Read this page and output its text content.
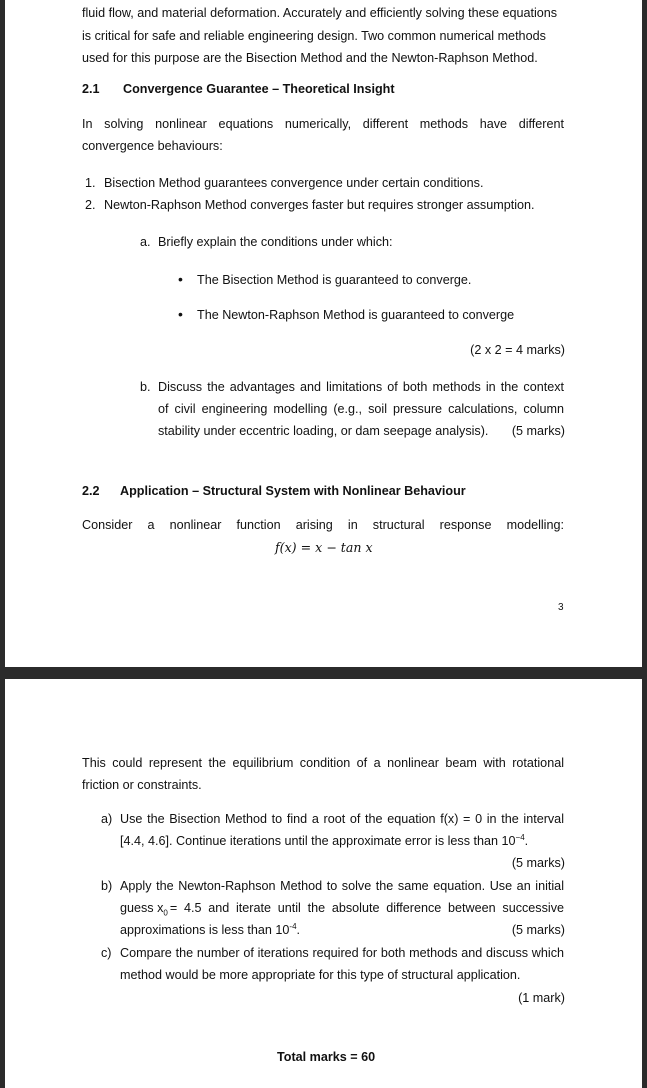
fluid flow, and material deformation. Accurately and efficiently solving these equations
is critical for safe and reliable engineering design. Two common numerical methods
used for this purpose are the Bisection Method and the Newton-Raphson Method.
2.1 Convergence Guarantee – Theoretical Insight
In solving nonlinear equations numerically, different methods have different
convergence behaviours:
1. Bisection Method guarantees convergence under certain conditions.
2. Newton-Raphson Method converges faster but requires stronger assumption.
a. Briefly explain the conditions under which:
• The Bisection Method is guaranteed to converge.
• The Newton-Raphson Method is guaranteed to converge
(2 x 2 = 4 marks)
b. Discuss the advantages and limitations of both methods in the context
of civil engineering modelling (e.g., soil pressure calculations, column
stability under eccentric loading, or dam seepage analysis). (5 marks)
2.2 Application – Structural System with Nonlinear Behaviour
Consider a nonlinear function arising in structural response modelling:
f(x) = x − tan x
3
This could represent the equilibrium condition of a nonlinear beam with rotational
friction or constraints.
a) Use the Bisection Method to find a root of the equation f(x) = 0 in the interval
[4.4, 4.6]. Continue iterations until the approximate error is less than $10^{-4}$.
(5 marks)
b) Apply the Newton-Raphson Method to solve the same equation. Use an initial
guess $x_0 = 4.5$ and iterate until the absolute difference between successive
approximations is less than $10^{-4}$.	(5 marks)
c) Compare the number of iterations required for both methods and discuss which
method would be more appropriate for this type of structural application.
(1 mark)
Total marks = 60
